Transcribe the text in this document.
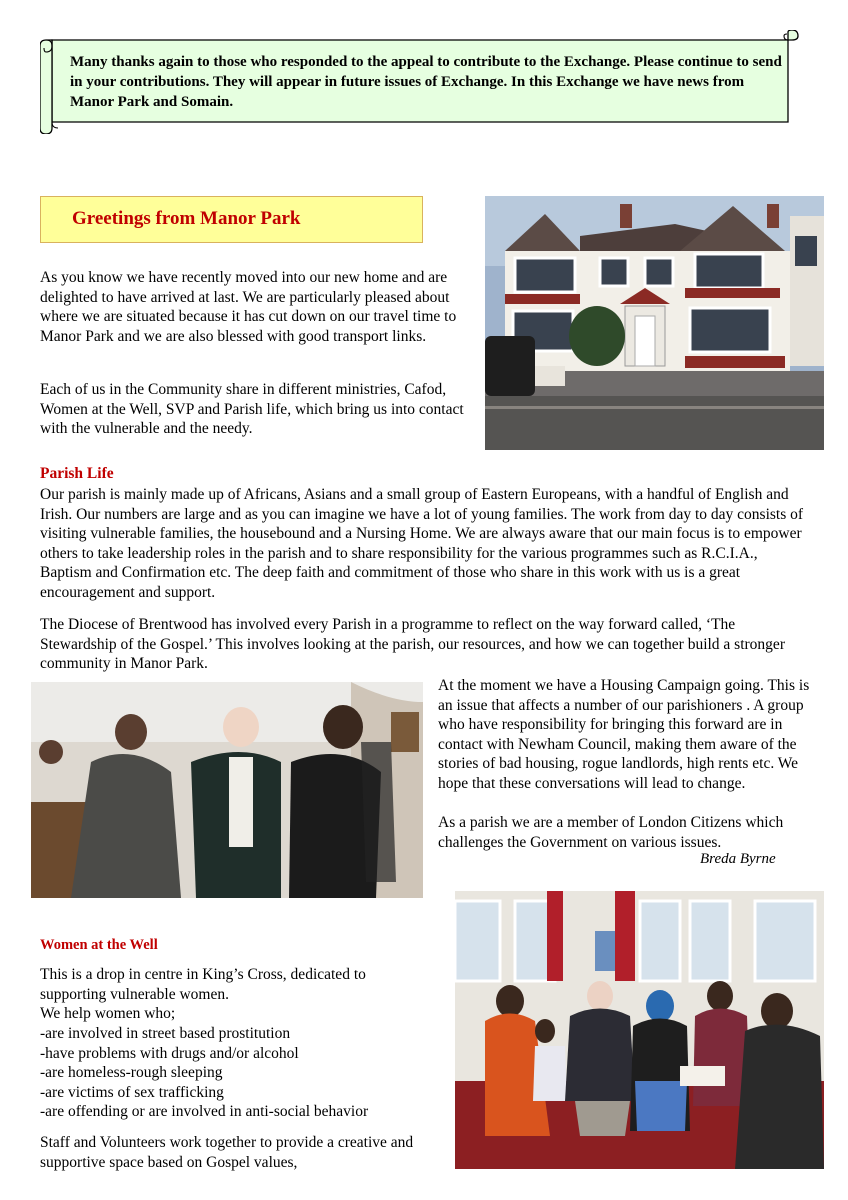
Many thanks again to those who responded to the appeal to contribute to the Exchange. Please continue to send in your contributions. They will appear in future issues of Exchange. In this Exchange we have news from Manor Park and Somain.
Greetings from Manor Park

As you know we have recently moved into our new home and are delighted to have arrived at last. We are particularly pleased about where we are situated because it has cut down on our travel time to Manor Park and we are also blessed with good transport links.

Each of us in the Community share in different ministries, Cafod, Women at the Well, SVP and Parish life, which bring us into contact with the vulnerable and the needy.

Parish Life

Our parish is mainly made up of Africans, Asians and a small group of Eastern Europeans, with a handful of English and Irish. Our numbers are large and as you can imagine we have a lot of young families. The work from day to day consists of visiting vulnerable families, the housebound and a Nursing Home. We are always aware that our main focus is to empower others to take leadership roles in the parish and to share responsibility for the various programmes such as R.C.I.A., Baptism and Confirmation etc. The deep faith and commitment of those who share in this work with us is a great encouragement and support.

The Diocese of Brentwood has involved every Parish in a programme to reflect on the way forward called, ‘The Stewardship of the Gospel.’ This involves looking at the parish, our resources, and how we can together build a stronger community in Manor Park.

At the moment we have a Housing Campaign going. This is an issue that affects a number of our parishioners . A group who have responsibility for bringing this forward are in contact with Newham Council, making them aware of the stories of bad housing, rogue landlords, high rents etc. We hope that these conversations will lead to change.

As a parish we are a member of London Citizens which challenges the Government on various issues.

Breda Byrne

Women at the Well

This is a drop in centre in King’s Cross, dedicated to supporting vulnerable women.

We help women who;

-are involved in street based prostitution
-have problems with drugs and/or alcohol
-are homeless-rough sleeping
-are victims of sex trafficking
-are offending or are involved in anti-social behavior

Staff and Volunteers work together to provide a creative and supportive space based on Gospel values,
